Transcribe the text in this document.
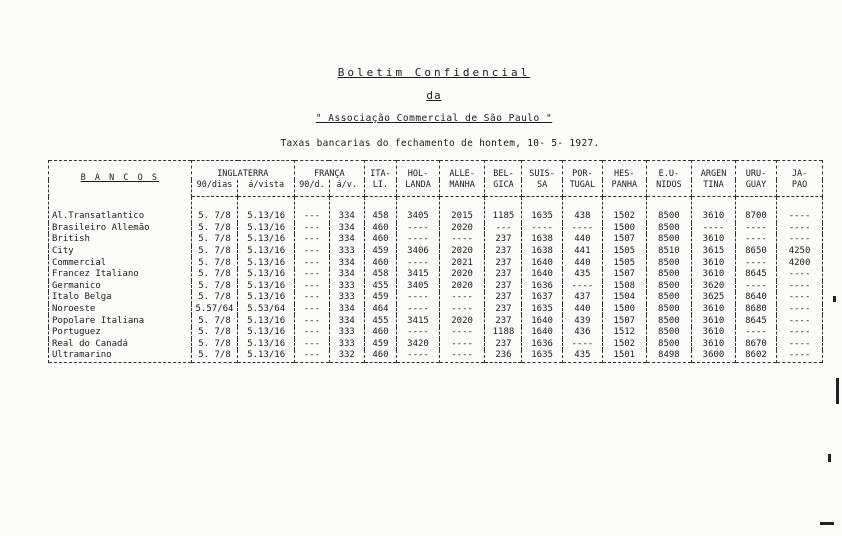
Boletim Confidencial
da
" Associação Commercial de São Paulo "
Taxas bancarias do fechamento de hontem, 10- 5- 1927.
B A N C O S	INGLATERRA		FRANÇA		ITA-	HOL-	ALLE-	BEL-	SUIS-	POR-	HES-	E.U-	ARGEN	URU-	JA-
	90/dias	á/vista	90/d.	á/v.	LI.	LANDA	MANHA	GICA	SA	TUGAL	PANHA	NIDOS	TINA	GUAY	PÃO
Al.Transatlantico	5. 7/8	5.13/16	---	334	458	3405	2015	1185	1635	438	1502	8500	3610	8700	----
Brasileiro Allemão	5. 7/8	5.13/16	---	334	460	----	2020	---	----	----	1500	8500	----	----	----
British	5. 7/8	5.13/16	---	334	460	----	----	237	1638	440	1507	8500	3610	----	----
City	5. 7/8	5.13/16	---	333	459	3406	2020	237	1638	441	1505	8510	3615	8650	4250
Commercial	5. 7/8	5.13/16	---	334	460	----	2021	237	1640	440	1505	8500	3610	----	4200
Francez Italiano	5. 7/8	5.13/16	---	334	458	3415	2020	237	1640	435	1507	8500	3610	8645	----
Germanico	5. 7/8	5.13/16	---	333	455	3405	2020	237	1636	----	1508	8500	3620	----	----
Italo Belga	5. 7/8	5.13/16	---	333	459	----	----	237	1637	437	1504	8500	3625	8640	----
Noroeste	5.57/64	5.53/64	---	334	464	----	----	237	1635	440	1500	8500	3610	8680	----
Popolare Italiana	5. 7/8	5.13/16	---	334	455	3415	2020	237	1640	439	1507	8500	3610	8645	----
Portuguez	5. 7/8	5.13/16	---	333	460	----	----	1188	1640	436	1512	8500	3610	----	----
Real do Canadá	5. 7/8	5.13/16	---	333	459	3420	----	237	1636	----	1502	8500	3610	8670	----
Ultramarino	5. 7/8	5.13/16	---	332	460	----	----	236	1635	435	1501	8498	3600	8602	----
